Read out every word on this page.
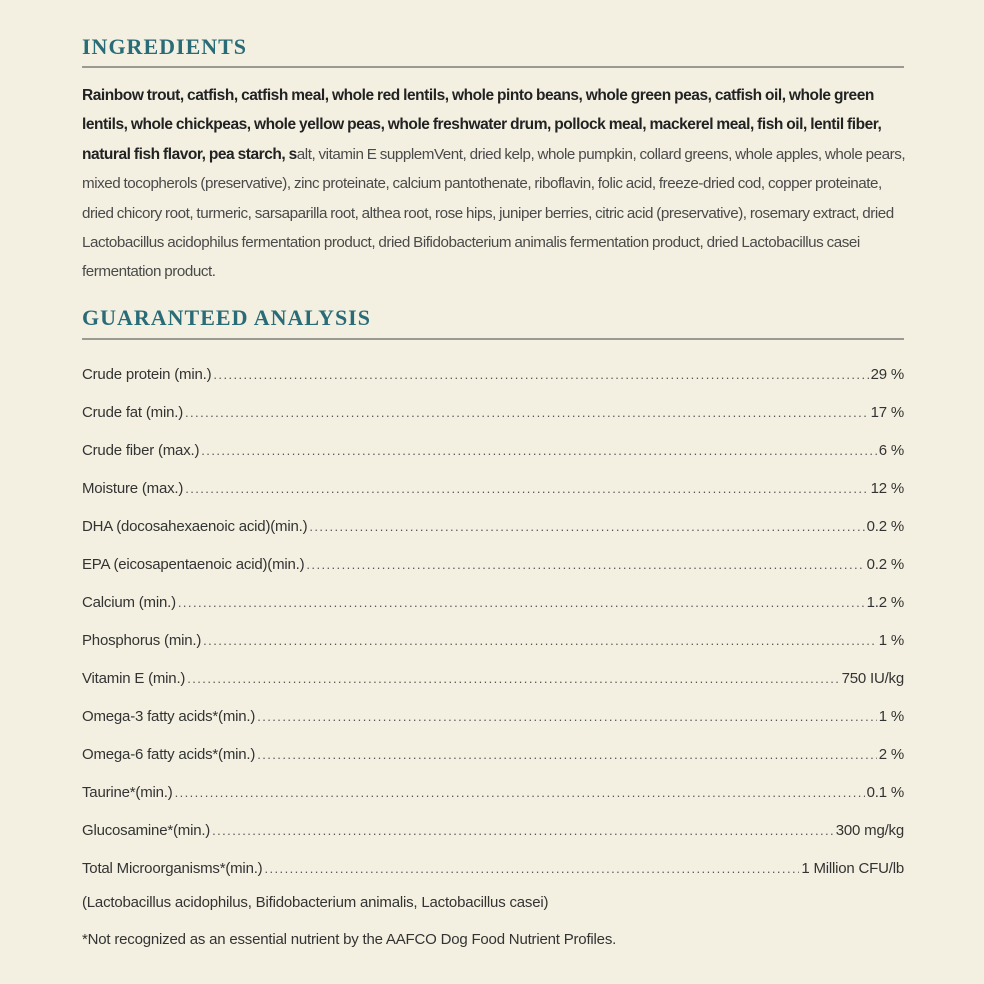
INGREDIENTS

Rainbow trout, catfish, catfish meal, whole red lentils, whole pinto beans, whole green peas, catfish oil, whole green lentils, whole chickpeas, whole yellow peas, whole freshwater drum, pollock meal, mackerel meal, fish oil, lentil fiber, natural fish flavor, pea starch, salt, vitamin E supplemVent, dried kelp, whole pumpkin, collard greens, whole apples, whole pears, mixed tocopherols (preservative), zinc proteinate, calcium pantothenate, riboflavin, folic acid, freeze-dried cod, copper proteinate, dried chicory root, turmeric, sarsaparilla root, althea root, rose hips, juniper berries, citric acid (preservative), rosemary extract, dried Lactobacillus acidophilus fermentation product, dried Bifidobacterium animalis fermentation product, dried Lactobacillus casei fermentation product.

GUARANTEED ANALYSIS
Crude protein (min.) . . .	29 %
Crude fat (min.) . . .	17 %
Crude fiber (max.) . . .	6 %
Moisture (max.) . . .	12 %
DHA (docosahexaenoic acid)(min.) . . .	0.2 %
EPA (eicosapentaenoic acid)(min.) . . .	0.2 %
Calcium (min.) . . .	1.2 %
Phosphorus (min.) . . .	1 %
Vitamin E (min.) . . .	750 IU/kg
Omega-3 fatty acids*(min.) . . .	1 %
Omega-6 fatty acids*(min.) . . .	2 %
Taurine*(min.) . . .	0.1 %
Glucosamine*(min.) . . .	300 mg/kg
Total Microorganisms*(min.) . . .	1 Million CFU/lb

(Lactobacillus acidophilus, Bifidobacterium animalis, Lactobacillus casei)

*Not recognized as an essential nutrient by the AAFCO Dog Food Nutrient Profiles.
